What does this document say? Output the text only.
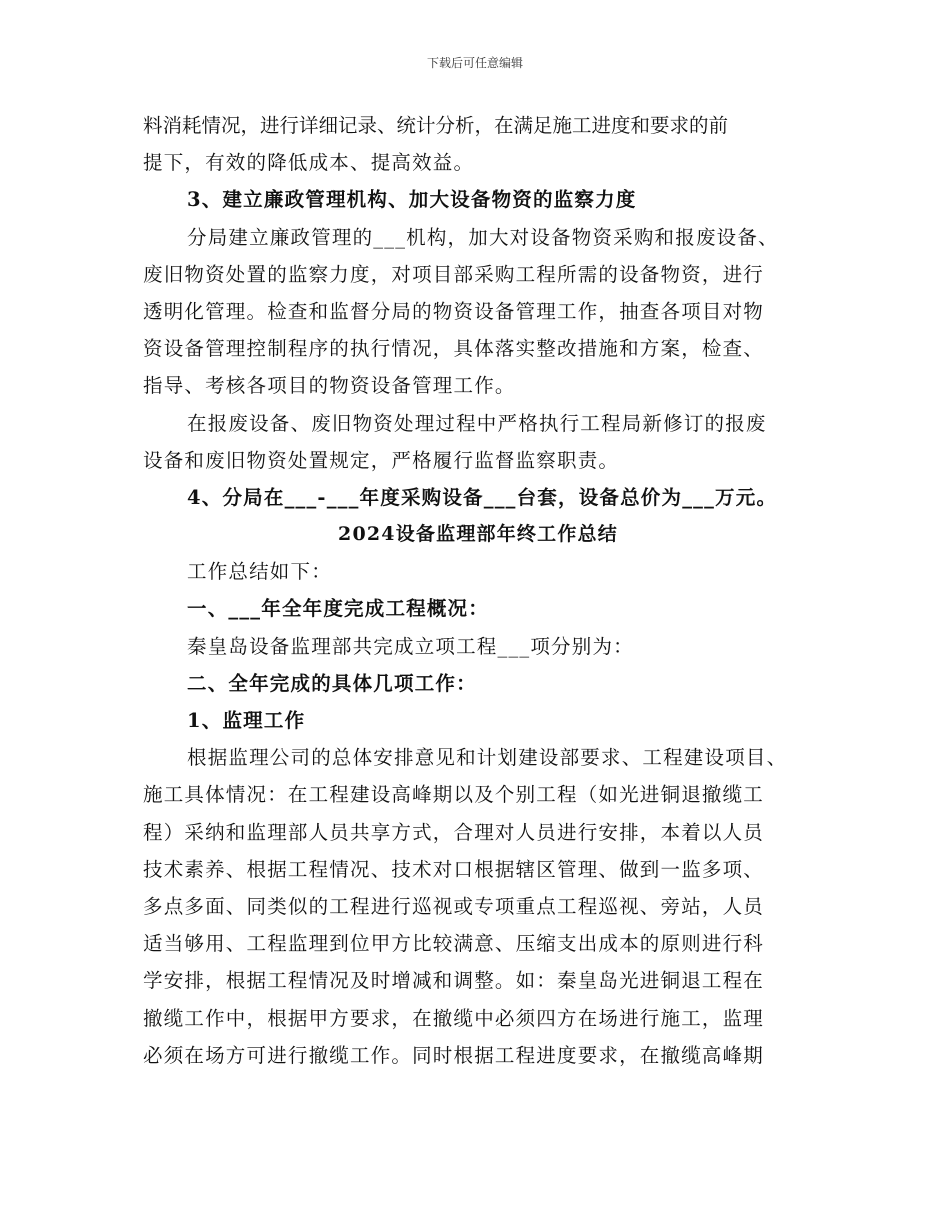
下载后可任意编辑
料消耗情况，进行详细记录、统计分析，在满足施工进度和要求的前
提下，有效的降低成本、提高效益。
3、建立廉政管理机构、加大设备物资的监察力度
分局建立廉政管理的___机构，加大对设备物资采购和报废设备、
废旧物资处置的监察力度，对项目部采购工程所需的设备物资，进行
透明化管理。检查和监督分局的物资设备管理工作，抽查各项目对物
资设备管理控制程序的执行情况，具体落实整改措施和方案，检查、
指导、考核各项目的物资设备管理工作。
在报废设备、废旧物资处理过程中严格执行工程局新修订的报废
设备和废旧物资处置规定，严格履行监督监察职责。
4、分局在___-___年度采购设备___台套，设备总价为___万元。
2024设备监理部年终工作总结
工作总结如下：
一、___年全年度完成工程概况：
秦皇岛设备监理部共完成立项工程___项分别为：
二、全年完成的具体几项工作：
1、监理工作
根据监理公司的总体安排意见和计划建设部要求、工程建设项目、
施工具体情况：在工程建设高峰期以及个别工程（如光进铜退撤缆工
程）采纳和监理部人员共享方式，合理对人员进行安排，本着以人员
技术素养、根据工程情况、技术对口根据辖区管理、做到一监多项、
多点多面、同类似的工程进行巡视或专项重点工程巡视、旁站，人员
适当够用、工程监理到位甲方比较满意、压缩支出成本的原则进行科
学安排，根据工程情况及时增减和调整。如：秦皇岛光进铜退工程在
撤缆工作中，根据甲方要求，在撤缆中必须四方在场进行施工，监理
必须在场方可进行撤缆工作。同时根据工程进度要求，在撤缆高峰期
